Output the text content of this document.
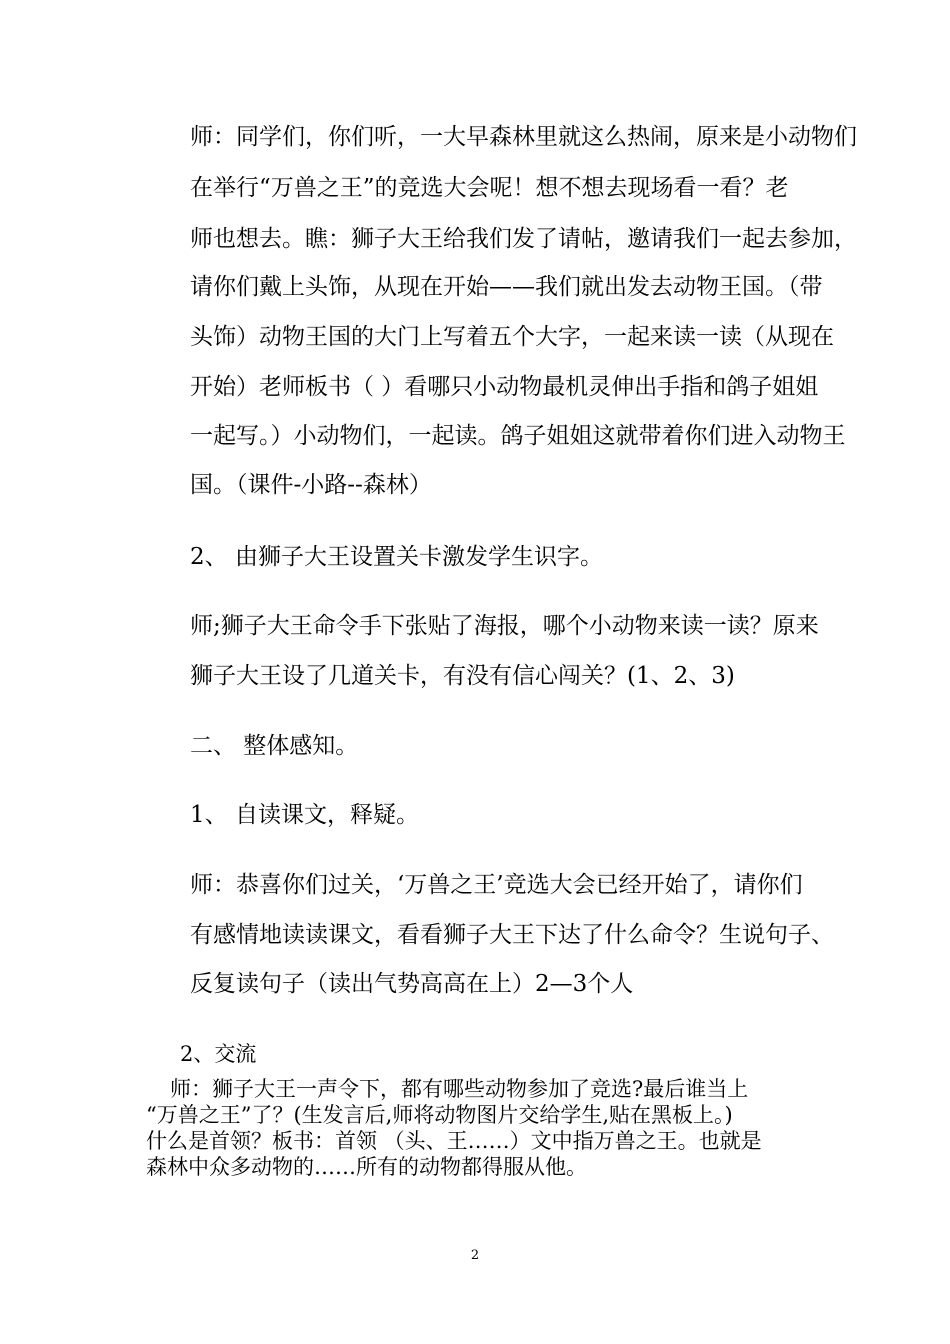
师：同学们，你们听，一大早森林里就这么热闹，原来是小动物们
在举行“万兽之王”的竞选大会呢！想不想去现场看一看？老
师也想去。瞧：狮子大王给我们发了请帖，邀请我们一起去参加，
请你们戴上头饰，从现在开始——我们就出发去动物王国。（带
头饰）动物王国的大门上写着五个大字，一起来读一读（从现在
开始）老师板书（ ）看哪只小动物最机灵伸出手指和鸽子姐姐
一起写。）小动物们，一起读。鸽子姐姐这就带着你们进入动物王
国。（课件-小路--森林）
2、 由狮子大王设置关卡激发学生识字。
师;狮子大王命令手下张贴了海报，哪个小动物来读一读？原来
狮子大王设了几道关卡，有没有信心闯关？(1、2、3)
二、 整体感知。
1、 自读课文，释疑。
师：恭喜你们过关，‘万兽之王’竞选大会已经开始了，请你们
有感情地读读课文，看看狮子大王下达了什么命令？生说句子、
反复读句子（读出气势高高在上）2—3个人
2、交流
师：狮子大王一声令下，都有哪些动物参加了竞选?最后谁当上
“万兽之王”了？(生发言后,师将动物图片交给学生,贴在黑板上。)
什么是首领？板书：首领 （头、王……）文中指万兽之王。也就是
森林中众多动物的……所有的动物都得服从他。
2
